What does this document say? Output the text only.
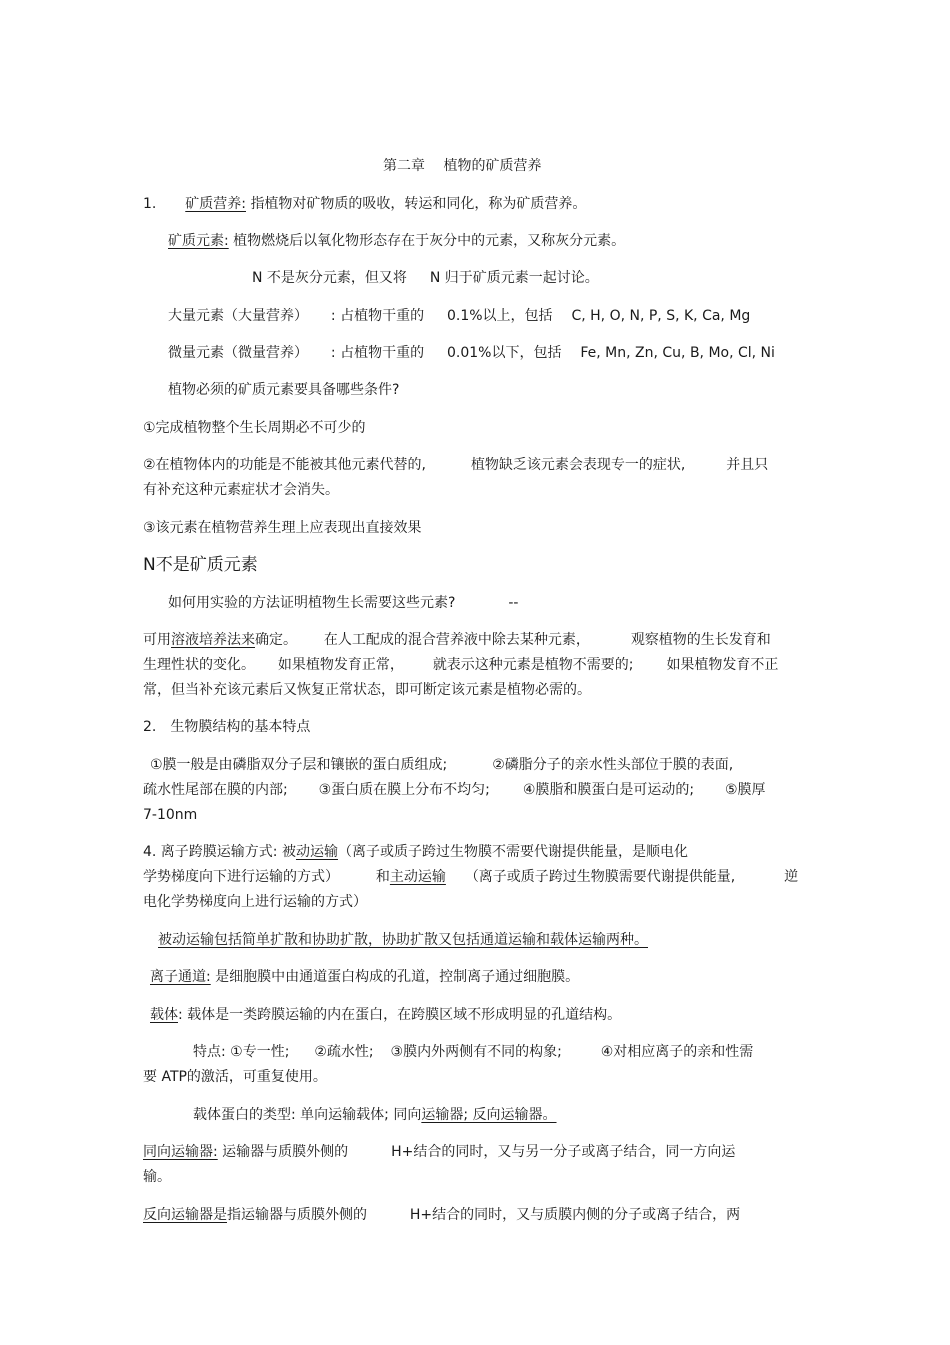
第二章　 植物的矿质营养
1. 矿质营养: 指植物对矿物质的吸收，转运和同化，称为矿质营养。
矿质元素: 植物燃烧后以氧化物形态存在于灰分中的元素，又称灰分元素。
N 不是灰分元素，但又将 N 归于矿质元素一起讨论。
大量元素（大量营养） : 占植物干重的 0.1%以上，包括 C, H, O, N, P, S, K, Ca, Mg
微量元素（微量营养） : 占植物干重的 0.01%以下，包括 Fe, Mn, Zn, Cu, B, Mo, Cl, Ni
植物必须的矿质元素要具备哪些条件?
①完成植物整个生长周期必不可少的
②在植物体内的功能是不能被其他元素代替的,	植物缺乏该元素会表现专一的症状,	并且只
有补充这种元素症状才会消失。
③该元素在植物营养生理上应表现出直接效果
N不是矿质元素
如何用实验的方法证明植物生长需要这些元素?	--
可用溶液培养法来确定。 在人工配成的混合营养液中除去某种元素，	观察植物的生长发育和
生理性状的变化。 如果植物发育正常， 就表示这种元素是植物不需要的; 如果植物发育不正
常，但当补充该元素后又恢复正常状态，即可断定该元素是植物必需的。
2.　生物膜结构的基本特点
①膜一般是由磷脂双分子层和镶嵌的蛋白质组成;	②磷脂分子的亲水性头部位于膜的表面,
疏水性尾部在膜的内部; ③蛋白质在膜上分布不均匀; ④膜脂和膜蛋白是可运动的; ⑤膜厚
7-10nm
4. 离子跨膜运输方式: 被动运输（离子或质子跨过生物膜不需要代谢提供能量，是顺电化
学势梯度向下进行运输的方式）	和主动运输 （离子或质子跨过生物膜需要代谢提供能量,	逆
电化学势梯度向上进行运输的方式）
被动运输包括简单扩散和协助扩散，协助扩散又包括通道运输和载体运输两种。
离子通道: 是细胞膜中由通道蛋白构成的孔道，控制离子通过细胞膜。
载体: 载体是一类跨膜运输的内在蛋白，在跨膜区域不形成明显的孔道结构。
特点: ①专一性; ②疏水性; ③膜内外两侧有不同的构象;	④对相应离子的亲和性需
要 ATP的激活，可重复使用。
载体蛋白的类型: 单向运输载体; 同向运输器; 反向运输器。
同向运输器: 运输器与质膜外侧的	H+结合的同时，又与另一分子或离子结合，同一方向运
输。
反向运输器是指运输器与质膜外侧的	H+结合的同时，又与质膜内侧的分子或离子结合，两
